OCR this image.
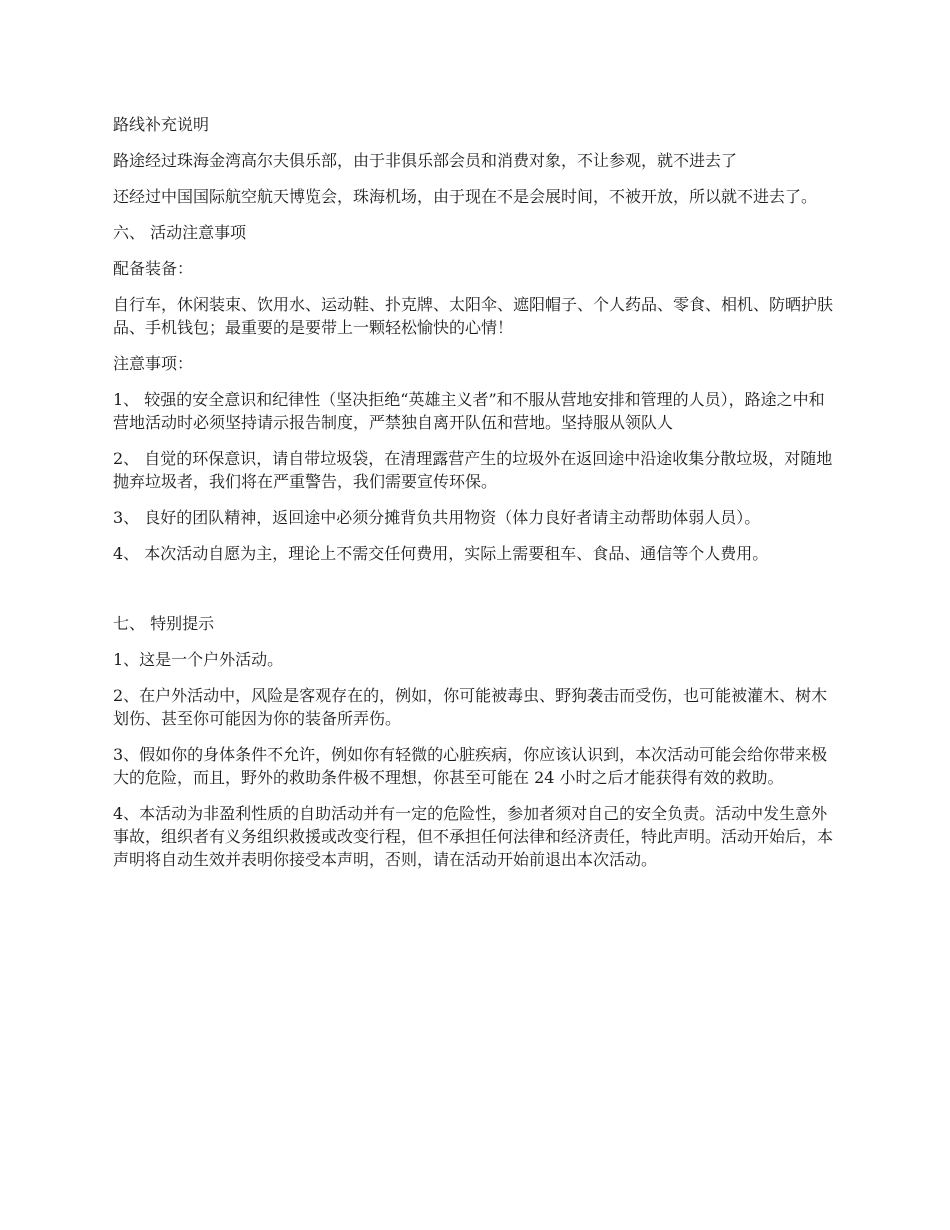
路线补充说明

路途经过珠海金湾高尔夫俱乐部，由于非俱乐部会员和消费对象，不让参观，就不进去了

还经过中国国际航空航天博览会，珠海机场，由于现在不是会展时间，不被开放，所以就不进去了。

六、 活动注意事项

配备装备：

自行车，休闲装束、饮用水、运动鞋、扑克牌、太阳伞、遮阳帽子、个人药品、零食、相机、防晒护肤品、手机钱包；最重要的是要带上一颗轻松愉快的心情！

注意事项：

1、 较强的安全意识和纪律性（坚决拒绝“英雄主义者”和不服从营地安排和管理的人员），路途之中和营地活动时必须坚持请示报告制度，严禁独自离开队伍和营地。坚持服从领队人

2、 自觉的环保意识，请自带垃圾袋，在清理露营产生的垃圾外在返回途中沿途收集分散垃圾，对随地抛弃垃圾者，我们将在严重警告，我们需要宣传环保。

3、 良好的团队精神，返回途中必须分摊背负共用物资（体力良好者请主动帮助体弱人员）。

4、 本次活动自愿为主，理论上不需交任何费用，实际上需要租车、食品、通信等个人费用。

七、 特别提示

1、这是一个户外活动。

2、在户外活动中，风险是客观存在的，例如，你可能被毒虫、野狗袭击而受伤，也可能被灌木、树木划伤、甚至你可能因为你的装备所弄伤。

3、假如你的身体条件不允许，例如你有轻微的心脏疾病，你应该认识到，本次活动可能会给你带来极大的危险，而且，野外的救助条件极不理想，你甚至可能在 24 小时之后才能获得有效的救助。

4、本活动为非盈利性质的自助活动并有一定的危险性，参加者须对自己的安全负责。活动中发生意外事故，组织者有义务组织救援或改变行程，但不承担任何法律和经济责任，特此声明。活动开始后，本声明将自动生效并表明你接受本声明，否则，请在活动开始前退出本次活动。
